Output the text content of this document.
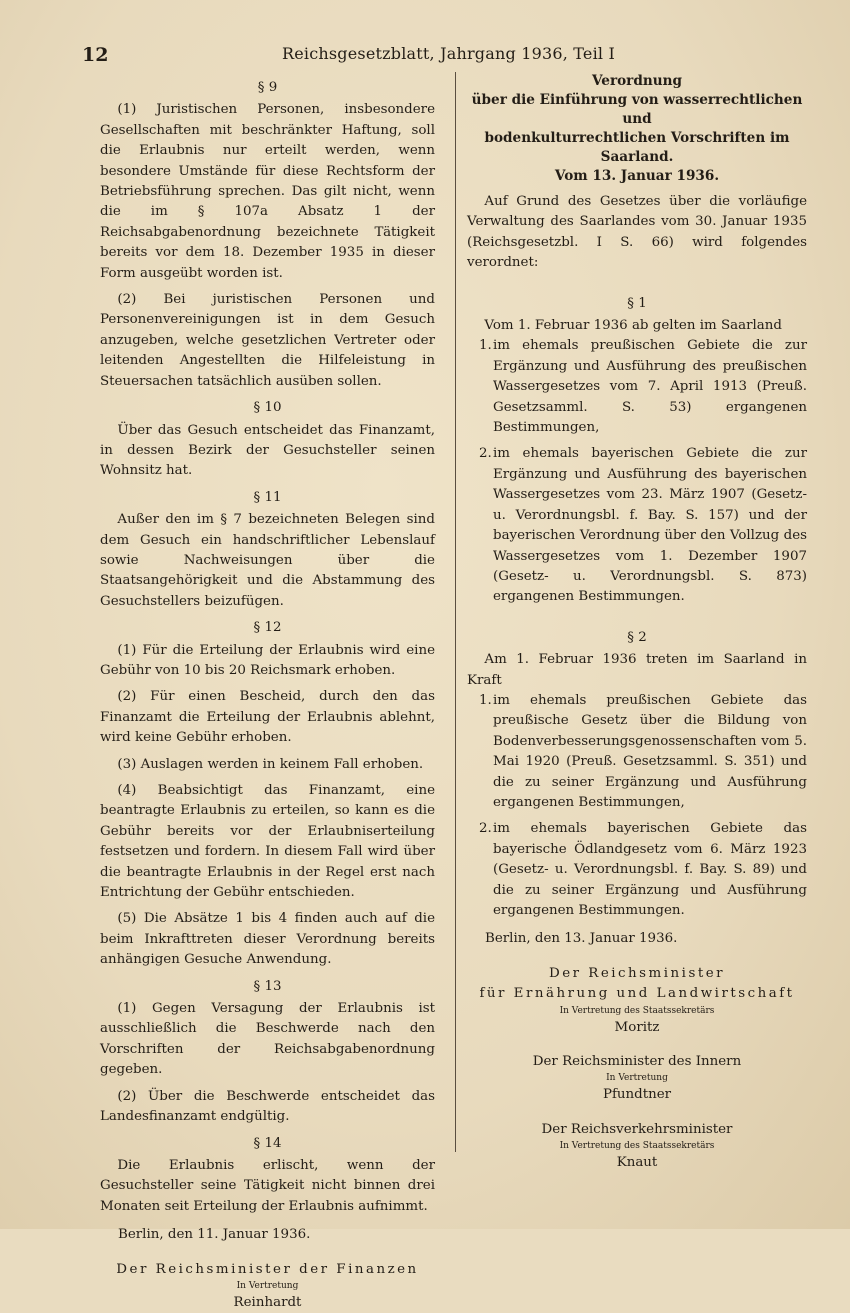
12	Reichsgesetzblatt, Jahrgang 1936, Teil I
§ 9

(1) Juristischen Personen, insbesondere Gesellschaften mit beschränkter Haftung, soll die Erlaubnis nur erteilt werden, wenn besondere Umstände für diese Rechtsform der Betriebsführung sprechen. Das gilt nicht, wenn die im § 107a Absatz 1 der Reichsabgabenordnung bezeichnete Tätigkeit bereits vor dem 18. Dezember 1935 in dieser Form ausgeübt worden ist.

(2) Bei juristischen Personen und Personenvereinigungen ist in dem Gesuch anzugeben, welche gesetzlichen Vertreter oder leitenden Angestellten die Hilfeleistung in Steuersachen tatsächlich ausüben sollen.

§ 10

Über das Gesuch entscheidet das Finanzamt, in dessen Bezirk der Gesuchsteller seinen Wohnsitz hat.

§ 11

Außer den im § 7 bezeichneten Belegen sind dem Gesuch ein handschriftlicher Lebenslauf sowie Nachweisungen über die Staatsangehörigkeit und die Abstammung des Gesuchstellers beizufügen.

§ 12

(1) Für die Erteilung der Erlaubnis wird eine Gebühr von 10 bis 20 Reichsmark erhoben.

(2) Für einen Bescheid, durch den das Finanzamt die Erteilung der Erlaubnis ablehnt, wird keine Gebühr erhoben.

(3) Auslagen werden in keinem Fall erhoben.

(4) Beabsichtigt das Finanzamt, eine beantragte Erlaubnis zu erteilen, so kann es die Gebühr bereits vor der Erlaubniserteilung festsetzen und fordern. In diesem Fall wird über die beantragte Erlaubnis in der Regel erst nach Entrichtung der Gebühr entschieden.

(5) Die Absätze 1 bis 4 finden auch auf die beim Inkrafttreten dieser Verordnung bereits anhängigen Gesuche Anwendung.

§ 13

(1) Gegen Versagung der Erlaubnis ist ausschließlich die Beschwerde nach den Vorschriften der Reichsabgabenordnung gegeben.

(2) Über die Beschwerde entscheidet das Landesfinanzamt endgültig.

§ 14

Die Erlaubnis erlischt, wenn der Gesuchsteller seine Tätigkeit nicht binnen drei Monaten seit Erteilung der Erlaubnis aufnimmt.

Berlin, den 11. Januar 1936.

Der Reichsminister der Finanzen
In Vertretung
Reinhardt
Verordnung
über die Einführung von wasserrechtlichen und
bodenkulturrechtlichen Vorschriften im Saarland.
Vom 13. Januar 1936.

Auf Grund des Gesetzes über die vorläufige Verwaltung des Saarlandes vom 30. Januar 1935 (Reichsgesetzbl. I S. 66) wird folgendes verordnet:

§ 1

Vom 1. Februar 1936 ab gelten im Saarland

1.im ehemals preußischen Gebiete die zur Ergänzung und Ausführung des preußischen Wassergesetzes vom 7. April 1913 (Preuß. Gesetzsamml. S. 53) ergangenen Bestimmungen,

2.im ehemals bayerischen Gebiete die zur Ergänzung und Ausführung des bayerischen Wassergesetzes vom 23. März 1907 (Gesetz- u. Verordnungsbl. f. Bay. S. 157) und der bayerischen Verordnung über den Vollzug des Wassergesetzes vom 1. Dezember 1907 (Gesetz- u. Verordnungsbl. S. 873) ergangenen Bestimmungen.

§ 2

Am 1. Februar 1936 treten im Saarland in Kraft

1.im ehemals preußischen Gebiete das preußische Gesetz über die Bildung von Bodenverbesserungsgenossenschaften vom 5. Mai 1920 (Preuß. Gesetzsamml. S. 351) und die zu seiner Ergänzung und Ausführung ergangenen Bestimmungen,

2.im ehemals bayerischen Gebiete das bayerische Ödlandgesetz vom 6. März 1923 (Gesetz- u. Verordnungsbl. f. Bay. S. 89) und die zu seiner Ergänzung und Ausführung ergangenen Bestimmungen.

Berlin, den 13. Januar 1936.

Der Reichsminister
für Ernährung und Landwirtschaft
In Vertretung des Staatssekretärs
Moritz
Der Reichsminister des Innern
In Vertretung
Pfundtner
Der Reichsverkehrsminister
In Vertretung des Staatssekretärs
Knaut
